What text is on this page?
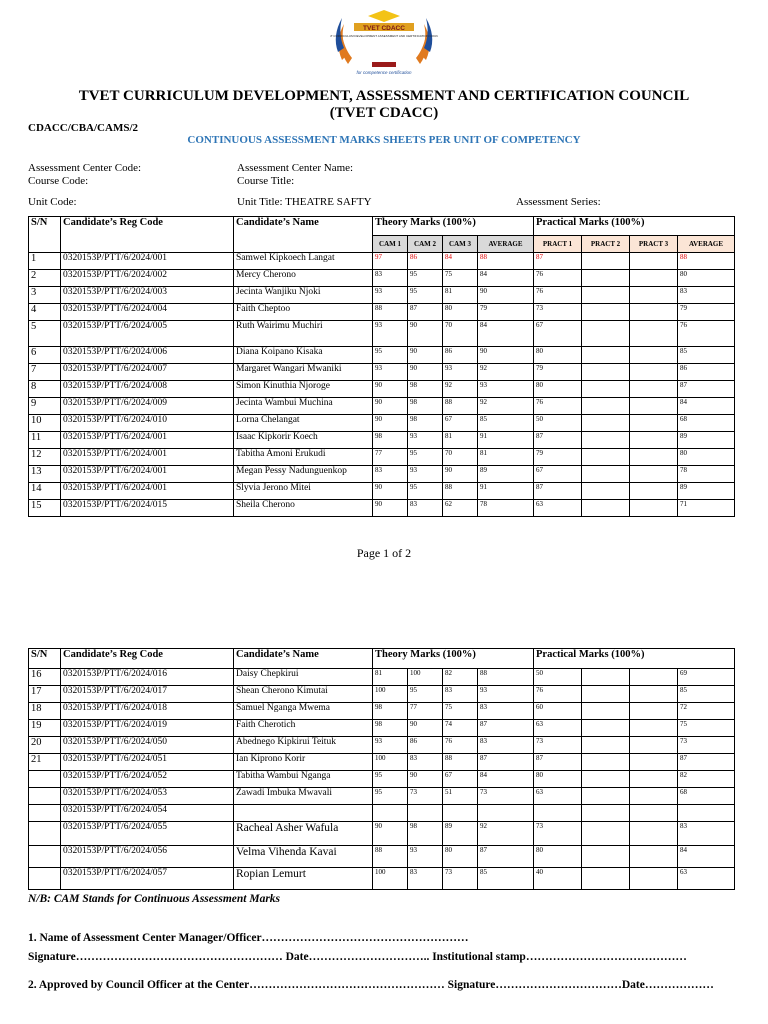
TVET CDACC
TVET CURRICULUM DEVELOPMENT ASSESSMENT AND CERTIFICATION COUNCIL
for competence certification
TVET CURRICULUM DEVELOPMENT, ASSESSMENT AND CERTIFICATION COUNCIL
(TVET CDACC)
CDACC/CBA/CAMS/2
CONTINUOUS ASSESSMENT MARKS SHEETS PER UNIT OF COMPETENCY
Assessment Center Code:	Assessment Center Name:
Course Code:	Course Title:
Unit Code:	Unit Title: THEATRE SAFTY	Assessment Series:
S/N	Candidate’s Reg Code	Candidate’s Name	Theory Marks (100%)				Practical Marks (100%)			
			CAM 1	CAM 2	CAM 3	AVERAGE	PRACT 1	PRACT 2	PRACT 3	AVERAGE
1	0320153P/PTT/6/2024/001	Samwel Kipkoech Langat	97	86	84	88	87			88
2	0320153P/PTT/6/2024/002	Mercy Cherono	83	95	75	84	76			80
3	0320153P/PTT/6/2024/003	Jecinta Wanjiku Njoki	93	95	81	90	76			83
4	0320153P/PTT/6/2024/004	Faith Cheptoo	88	87	80	79	73			79
5	0320153P/PTT/6/2024/005	Ruth Wairimu Muchiri	93	90	70	84	67			76
6	0320153P/PTT/6/2024/006	Diana Koipano Kisaka	95	90	86	90	80			85
7	0320153P/PTT/6/2024/007	Margaret Wangari Mwaniki	93	90	93	92	79			86
8	0320153P/PTT/6/2024/008	Simon Kinuthia Njoroge	90	98	92	93	80			87
9	0320153P/PTT/6/2024/009	Jecinta Wambui Muchina	90	98	88	92	76			84
10	0320153P/PTT/6/2024/010	Lorna Chelangat	90	98	67	85	50			68
11	0320153P/PTT/6/2024/001	Isaac Kipkorir Koech	98	93	81	91	87			89
12	0320153P/PTT/6/2024/001	Tabitha Amoni Erukudi	77	95	70	81	79			80
13	0320153P/PTT/6/2024/001	Megan Pessy Nadunguenkop	83	93	90	89	67			78
14	0320153P/PTT/6/2024/001	Slyvia Jerono Mitei	90	95	88	91	87			89
15	0320153P/PTT/6/2024/015	Sheila Cherono	90	83	62	78	63			71
Page 1 of 2
S/N	Candidate’s Reg Code	Candidate’s Name	Theory Marks (100%)				Practical Marks (100%)			
16	0320153P/PTT/6/2024/016	Daisy Chepkirui	81	100	82	88	50			69
17	0320153P/PTT/6/2024/017	Shean Cherono Kimutai	100	95	83	93	76			85
18	0320153P/PTT/6/2024/018	Samuel Nganga Mwema	98	77	75	83	60			72
19	0320153P/PTT/6/2024/019	Faith Cherotich	98	90	74	87	63			75
20	0320153P/PTT/6/2024/050	Abednego Kipkirui Teituk	93	86	76	83	73			73
21	0320153P/PTT/6/2024/051	Ian Kiprono Korir	100	83	88	87	87			87
	0320153P/PTT/6/2024/052	Tabitha Wambui Nganga	95	90	67	84	80			82
	0320153P/PTT/6/2024/053	Zawadi Imbuka Mwavali	95	73	51	73	63			68
	0320153P/PTT/6/2024/054									
	0320153P/PTT/6/2024/055	Racheal Asher Wafula	90	98	89	92	73			83
	0320153P/PTT/6/2024/056	Velma Vihenda Kavai	88	93	80	87	80			84
	0320153P/PTT/6/2024/057	Ropian Lemurt	100	83	73	85	40			63
N/B: CAM Stands for Continuous Assessment Marks
1. Name of Assessment Center Manager/Officer………………………………………………
Signature……………………………………………… Date………………………….. Institutional stamp……………………………………
2. Approved by Council Officer at the Center…………………………………………… Signature……………………………Date………………
